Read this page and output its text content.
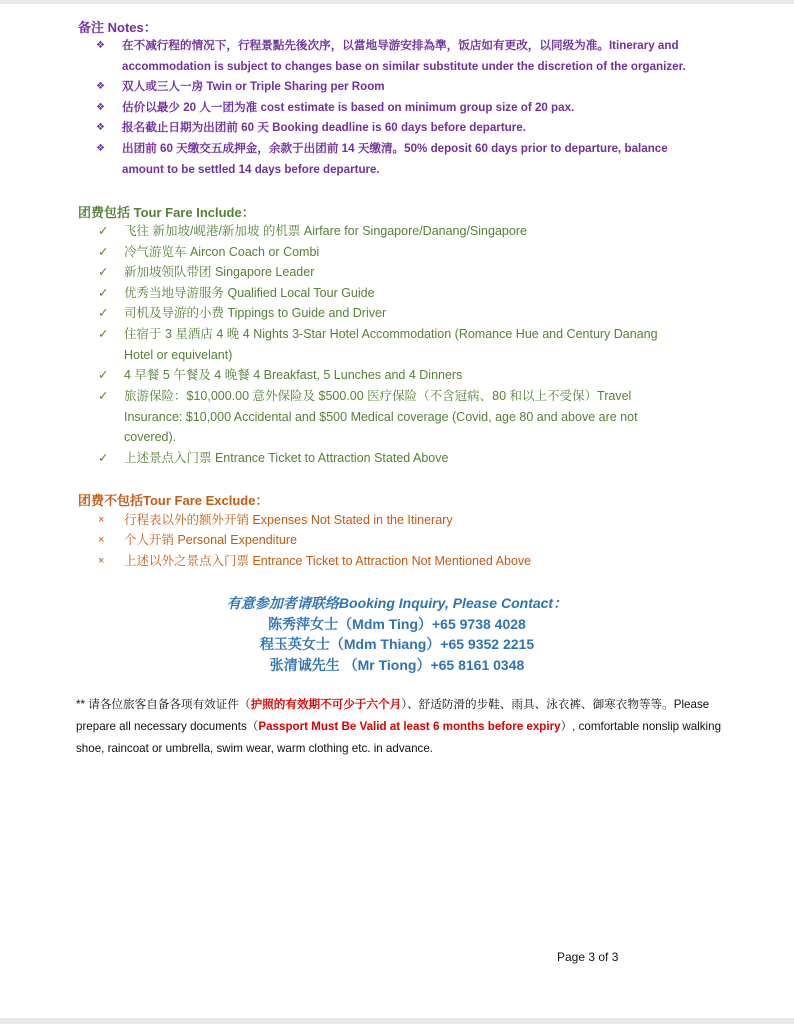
备注 Notes：
❖ 在不减行程的情况下，行程景點先後次序，以當地导游安排為準，饭店如有更改，以同级为准。Itinerary and
accommodation is subject to changes base on similar substitute under the discretion of the organizer.
❖ 双人或三人一房 Twin or Triple Sharing per Room
❖ 估价以最少 20 人一团为准 cost estimate is based on minimum group size of 20 pax.
❖ 报名截止日期为出团前 60 天 Booking deadline is 60 days before departure.
❖ 出团前 60 天缴交五成押金，余款于出团前 14 天缴清。50% deposit 60 days prior to departure, balance
amount to be settled 14 days before departure.
团费包括 Tour Fare Include：
✓ 飞往 新加坡/岘港/新加坡 的机票 Airfare for Singapore/Danang/Singapore
✓ 冷气游览车 Aircon Coach or Combi
✓ 新加坡领队带团 Singapore Leader
✓ 优秀当地导游服务 Qualified Local Tour Guide
✓ 司机及导游的小费 Tippings to Guide and Driver
✓ 住宿于 3 星酒店 4 晚 4 Nights 3-Star Hotel Accommodation (Romance Hue and Century Danang
Hotel or equivelant)
✓ 4 早餐 5 午餐及 4 晚餐 4 Breakfast, 5 Lunches and 4 Dinners
✓ 旅游保险：$10,000.00 意外保险及 $500.00 医疗保险（不含冠病、80 和以上不受保）Travel
Insurance: $10,000 Accidental and $500 Medical coverage (Covid, age 80 and above are not
covered).
✓ 上述景点入门票 Entrance Ticket to Attraction Stated Above
团费不包括Tour Fare Exclude：
× 行程表以外的额外开销 Expenses Not Stated in the Itinerary
× 个人开销 Personal Expenditure
× 上述以外之景点入门票 Entrance Ticket to Attraction Not Mentioned Above
有意参加者请联络Booking Inquiry, Please Contact：
陈秀萍女士（Mdm Ting）+65 9738 4028
程玉英女士（Mdm Thiang）+65 9352 2215
张清诚先生 （Mr Tiong）+65 8161 0348
** 请各位旅客自备各项有效证件（护照的有效期不可少于六个月）、舒适防滑的步鞋、雨具、泳衣裤、御寒衣物等等。Please prepare all necessary documents（Passport Must Be Valid at least 6 months before expiry）, comfortable nonslip walking shoe, raincoat or umbrella, swim wear, warm clothing etc. in advance.
Page 3 of 3
